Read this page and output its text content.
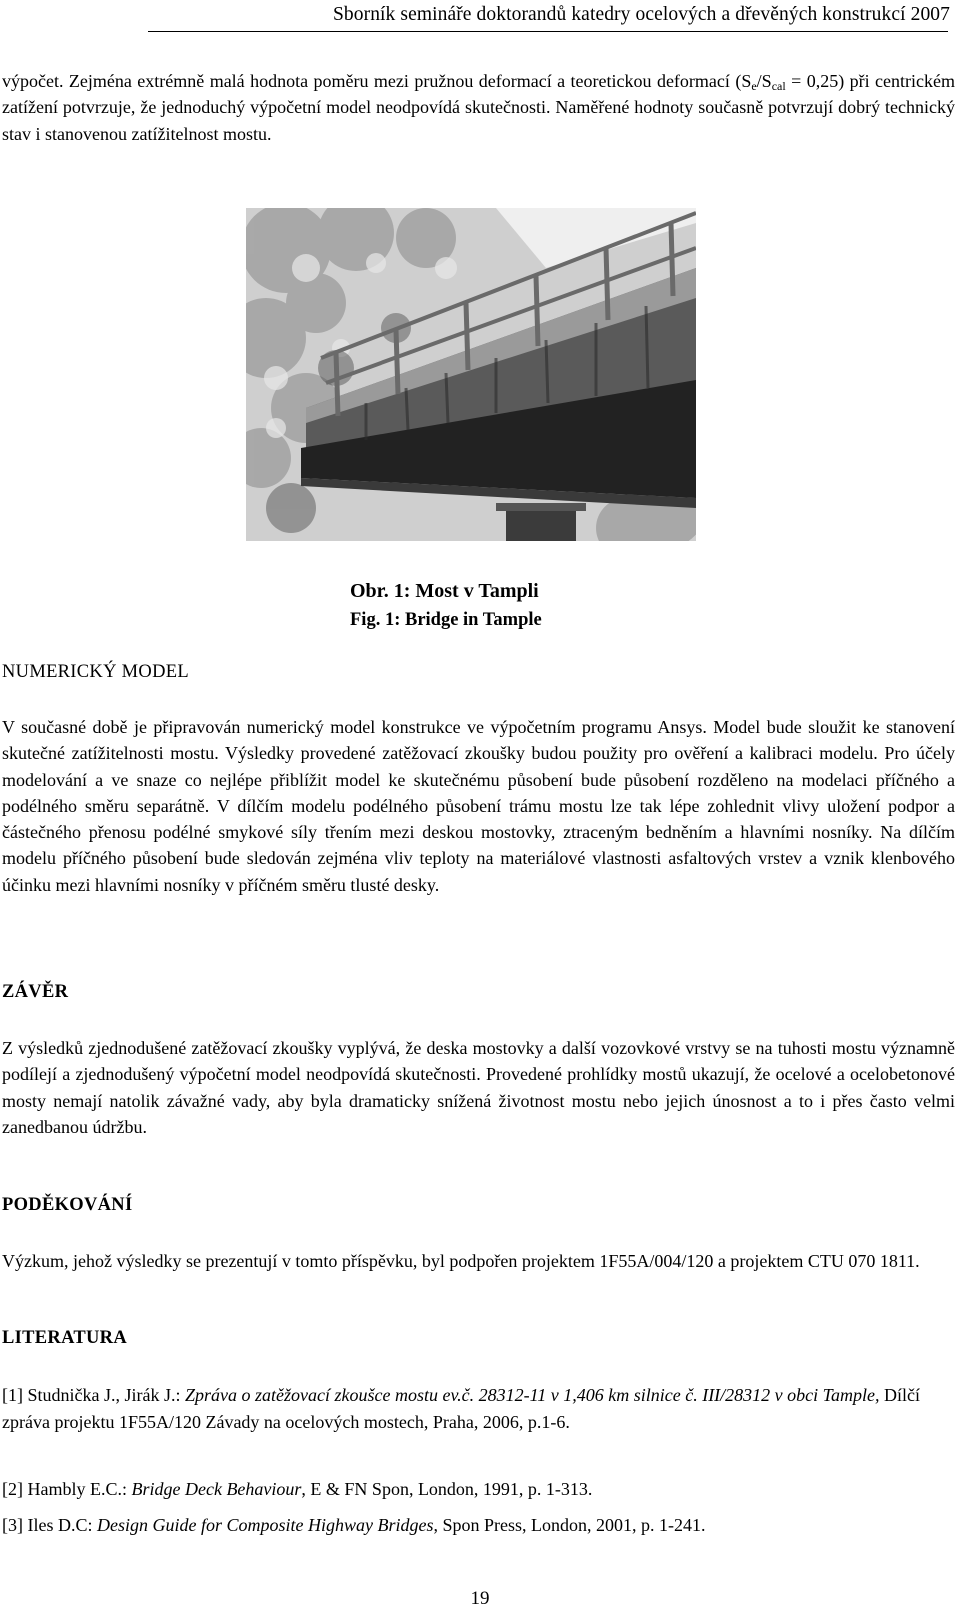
Sborník semináře doktorandů katedry ocelových a dřevěných konstrukcí 2007

výpočet. Zejména extrémně malá hodnota poměru mezi pružnou deformací a teoretickou deformací $(S_e/S_{cal} = 0,25)$ při centrickém zatížení potvrzuje, že jednoduchý výpočetní model neodpovídá skutečnosti. Naměřené hodnoty současně potvrzují dobrý technický stav i stanovenou zatížitelnost mostu.

Obr. 1: Most v Tampli

Fig. 1: Bridge in Tample

NUMERICKÝ MODEL

V současné době je připravován numerický model konstrukce ve výpočetním programu Ansys. Model bude sloužit ke stanovení skutečné zatížitelnosti mostu. Výsledky provedené zatěžovací zkoušky budou použity pro ověření a kalibraci modelu. Pro účely modelování a ve snaze co nejlépe přiblížit model ke skutečnému působení bude působení rozděleno na modelaci příčného a podélného směru separátně. V dílčím modelu podélného působení trámu mostu lze tak lépe zohlednit vlivy uložení podpor a částečného přenosu podélné smykové síly třením mezi deskou mostovky, ztraceným bedněním a hlavními nosníky. Na dílčím modelu příčného působení bude sledován zejména vliv teploty na materiálové vlastnosti asfaltových vrstev a vznik klenbového účinku mezi hlavními nosníky v příčném směru tlusté desky.

ZÁVĚR

Z výsledků zjednodušené zatěžovací zkoušky vyplývá, že deska mostovky a další vozovkové vrstvy se na tuhosti mostu významně podílejí a zjednodušený výpočetní model neodpovídá skutečnosti. Provedené prohlídky mostů ukazují, že ocelové a ocelobetonové mosty nemají natolik závažné vady, aby byla dramaticky snížená životnost mostu nebo jejich únosnost a to i přes často velmi zanedbanou údržbu.

PODĚKOVÁNÍ

Výzkum, jehož výsledky se prezentují v tomto příspěvku, byl podpořen projektem 1F55A/004/120 a projektem CTU 070 1811.

LITERATURA

[1] Studnička J., Jirák J.: Zpráva o zatěžovací zkoušce mostu ev.č. 28312-11 v 1,406 km silnice č. III/28312 v obci Tample, Dílčí zpráva projektu 1F55A/120 Závady na ocelových mostech, Praha, 2006, p.1-6.

[2] Hambly E.C.: Bridge Deck Behaviour, E & FN Spon, London, 1991, p. 1-313.

[3] Iles D.C: Design Guide for Composite Highway Bridges, Spon Press, London, 2001, p. 1-241.

19
